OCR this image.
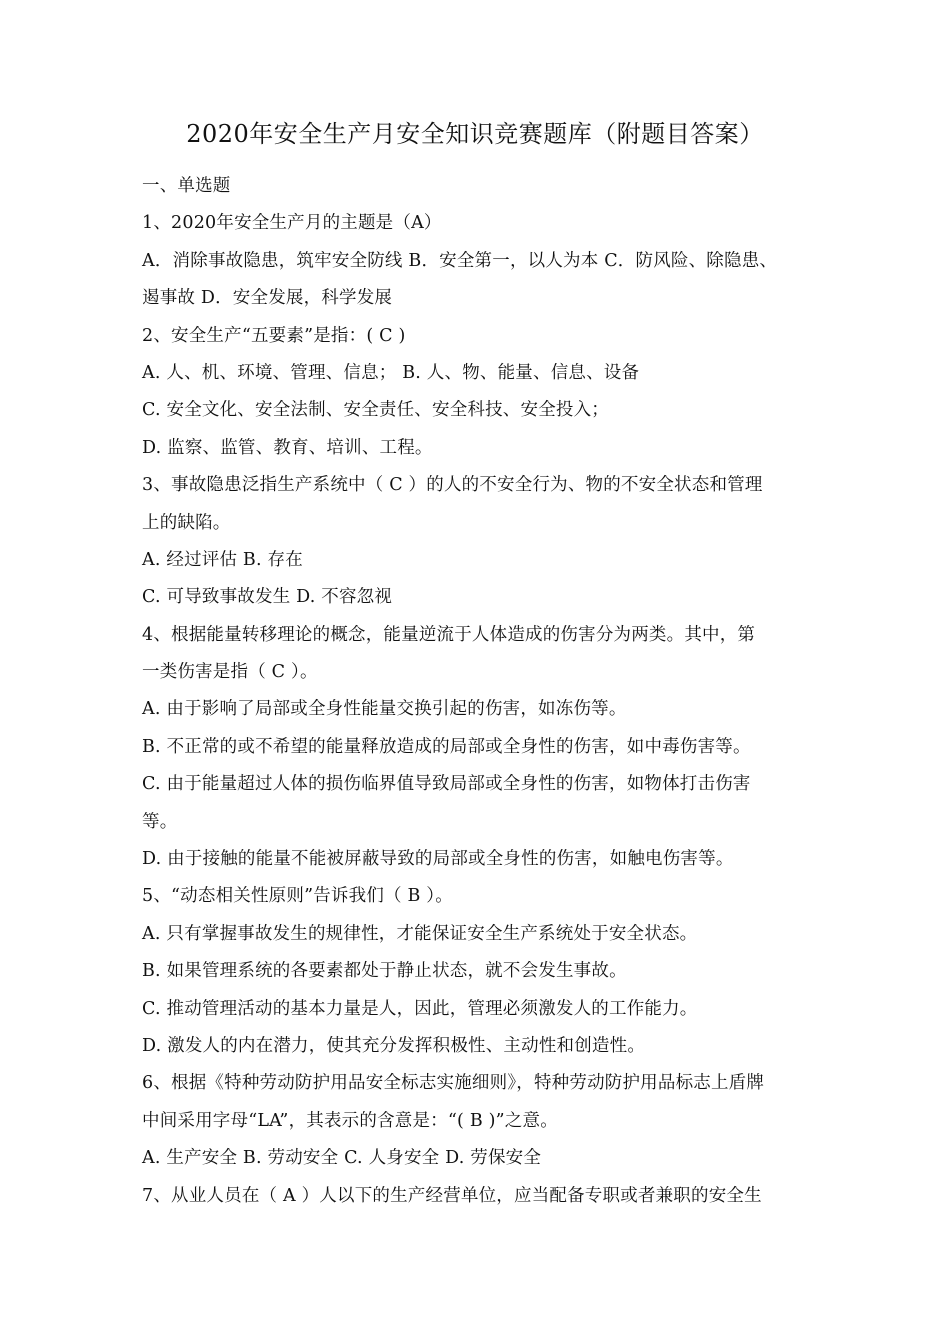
2020年安全生产月安全知识竞赛题库（附题目答案）
一、单选题
1、2020年安全生产月的主题是（A）
A．消除事故隐患，筑牢安全防线 B．安全第一，以人为本 C．防风险、除隐患、
遏事故 D．安全发展，科学发展
2、安全生产“五要素”是指：( C )
A. 人、机、环境、管理、信息； B. 人、物、能量、信息、设备
C. 安全文化、安全法制、安全责任、安全科技、安全投入；
D. 监察、监管、教育、培训、工程。
3、事故隐患泛指生产系统中（ C ）的人的不安全行为、物的不安全状态和管理
上的缺陷。
A. 经过评估 B. 存在
C. 可导致事故发生 D. 不容忽视
4、根据能量转移理论的概念，能量逆流于人体造成的伤害分为两类。其中，第
一类伤害是指（ C ）。
A. 由于影响了局部或全身性能量交换引起的伤害，如冻伤等。
B. 不正常的或不希望的能量释放造成的局部或全身性的伤害，如中毒伤害等。
C. 由于能量超过人体的损伤临界值导致局部或全身性的伤害，如物体打击伤害
等。
D. 由于接触的能量不能被屏蔽导致的局部或全身性的伤害，如触电伤害等。
5、“动态相关性原则”告诉我们（ B ）。
A. 只有掌握事故发生的规律性，才能保证安全生产系统处于安全状态。
B. 如果管理系统的各要素都处于静止状态，就不会发生事故。
C. 推动管理活动的基本力量是人，因此，管理必须激发人的工作能力。
D. 激发人的内在潜力，使其充分发挥积极性、主动性和创造性。
6、根据《特种劳动防护用品安全标志实施细则》，特种劳动防护用品标志上盾牌
中间采用字母“LA”，其表示的含意是：“( B )”之意。
A. 生产安全 B. 劳动安全 C. 人身安全 D. 劳保安全
7、从业人员在（ A ）人以下的生产经营单位，应当配备专职或者兼职的安全生
